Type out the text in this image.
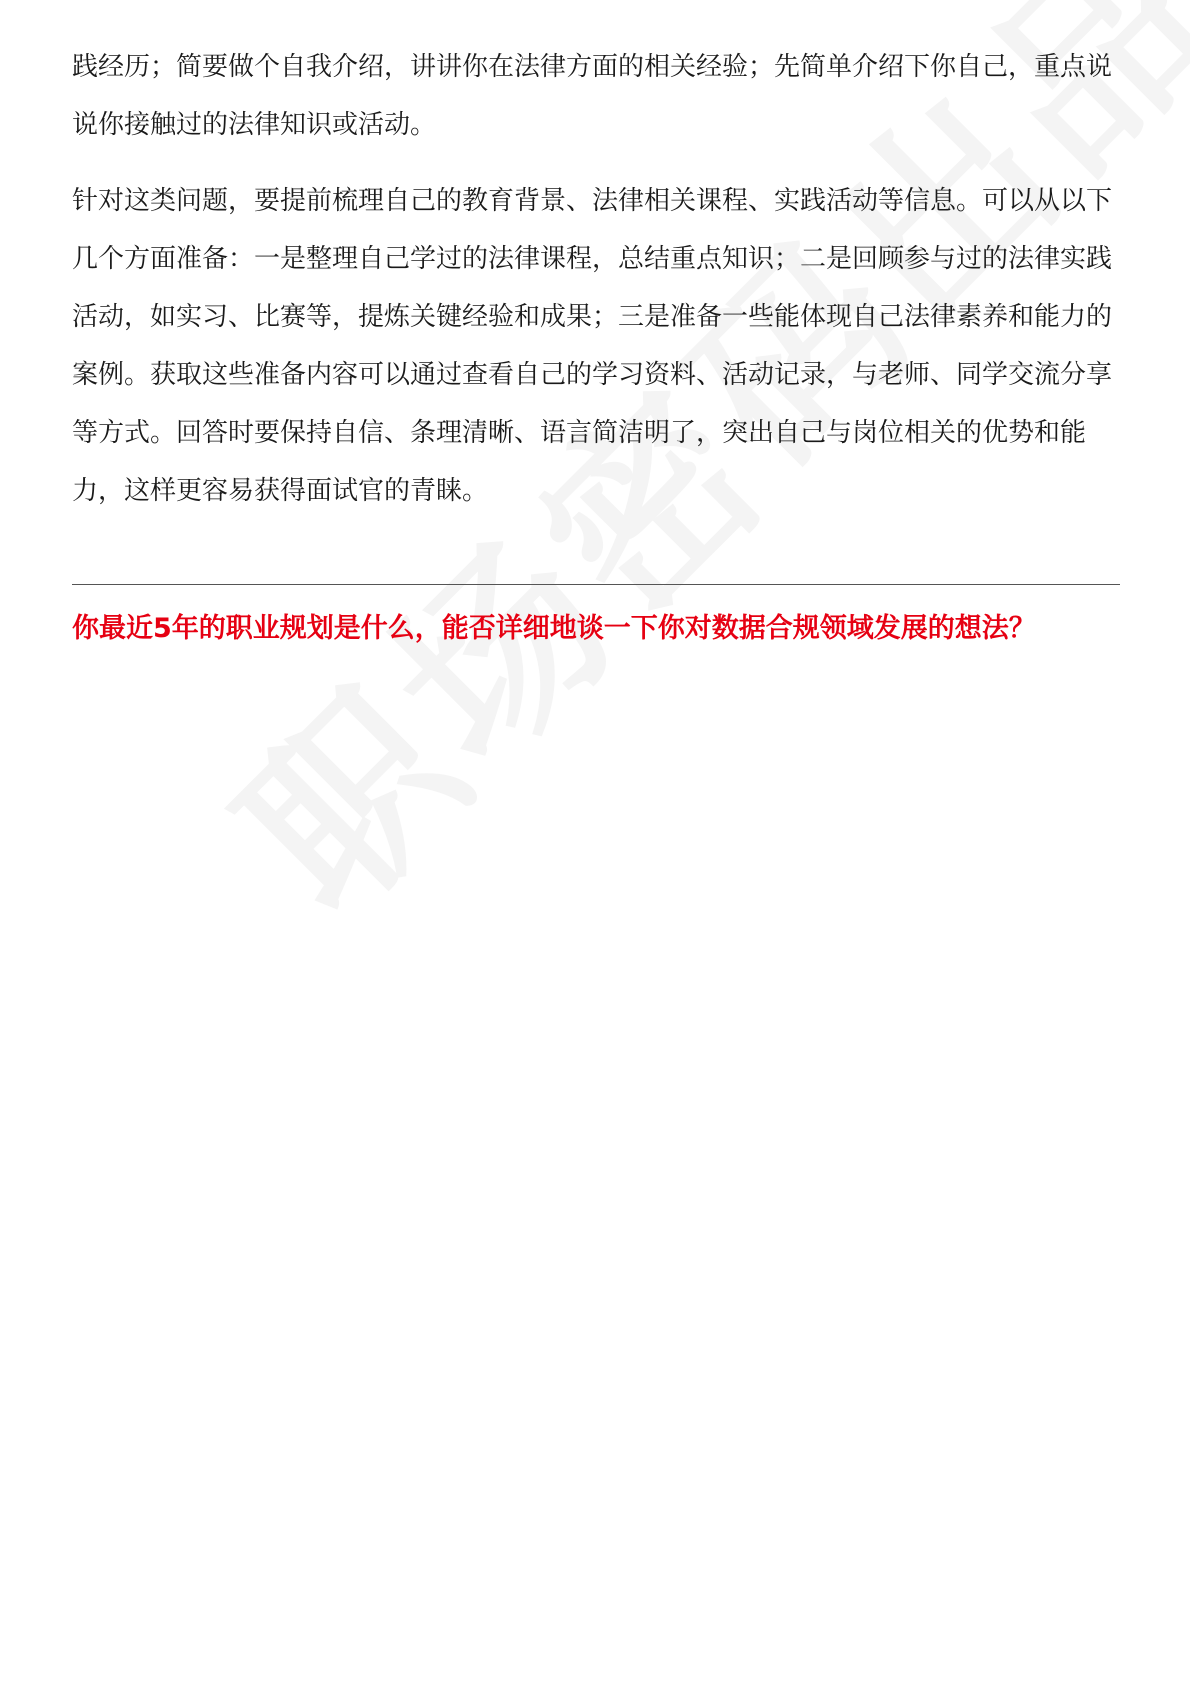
践经历；简要做个自我介绍，讲讲你在法律方面的相关经验；先简单介绍下你自己，重点说说你接触过的法律知识或活动。

针对这类问题，要提前梳理自己的教育背景、法律相关课程、实践活动等信息。可以从以下几个方面准备：一是整理自己学过的法律课程，总结重点知识；二是回顾参与过的法律实践活动，如实习、比赛等，提炼关键经验和成果；三是准备一些能体现自己法律素养和能力的案例。获取这些准备内容可以通过查看自己的学习资料、活动记录，与老师、同学交流分享等方式。回答时要保持自信、条理清晰、语言简洁明了，突出自己与岗位相关的优势和能力，这样更容易获得面试官的青睐。

你最近5年的职业规划是什么，能否详细地谈一下你对数据合规领域发展的想法？
